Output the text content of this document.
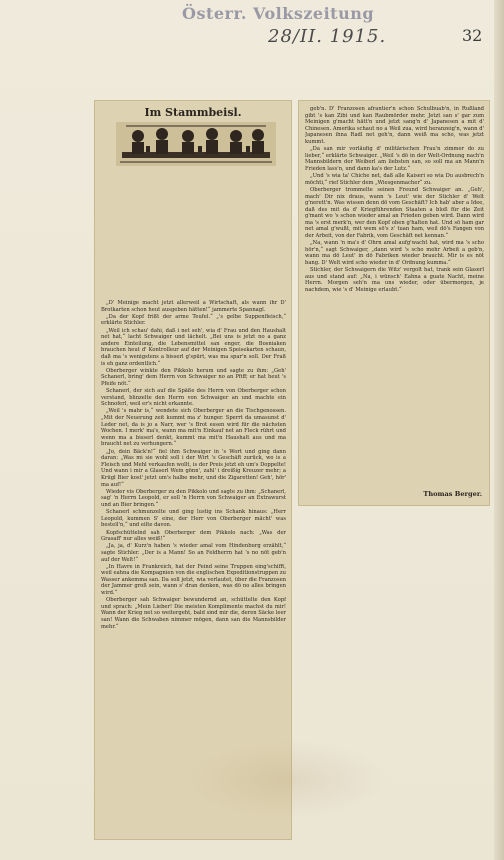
Österr. Volkszeitung
28/II. 1915.	32
Im Stammbeisl.

„D' Meinige macht jetzt allerweil a Wirtschaft, als wann ihr D' Brotkarten schon heut ausgeben hätten!“ jammerte Spannagl.

„Da der Kopf frißt der arme Teufel.“ „'s gelbe Suppenfleisch,“ erklärte Stichler.

„Weil ich schau' dahi, daß i net seh', wia d' Frau und den Haushalt net hat,“ lacht Schwaiger und lächelt. „Bei uns is jetzt no a ganz andere Einteilung, die Lebensmittel san enger, die Bosniaken brauchen heut d' Kontrolleur auf der Meinigen Speisekarten schaun, daß ma 's wenigstens a bisserl g'spürt, was ma spar'n soll. Der Fraß is eh ganz ordentlich.“

Oberberger winkte den Pikkolo herum und sagte zu ihm: „Geh' Schanerl, bring' dem Herrn von Schwaiger no an Pfiff; er hat heut 's Pfeife nöt.“

Schanerl, der sich auf die Späße des Herrn von Oberberger schon verstand, blinzelte den Herrn von Schwaiger an und machte ein Schnoferl, weil er's nicht erkannte.

„Weil 's mahr is,“ wendete sich Oberberger an die Tischgenossen. „Mit der Neuerung zeit kummt ma z' hunger. Sperrt da umasunst d' Leder net, da is jo a Narr, wer 's Brot essen wird für die nächsten Wochen. I merk' ma's, wann ma mit'n Einkauf net an Fleck rührt und wenn ma a bisserl denkt, kummt ma mit'n Haushalt aus und ma braucht net zu verhungern.“

„Jo, dein Bäck'n!“ fiel ihm Schwaiger in 's Wort und ging dann daran: „Was mi sie wohl soll i der Wirt 's Geschäft zurück, wo is a Fleisch und Mehl verkaufen wollt, is der Preis jetzt eh um's Doppelte! Und wann i mir a Glaserl Wein gönn', zahl' i dreißig Kreuzer mehr; a Krügl Bier kost' jetzt um's halbe mehr, und die Zigaretten! Geh', hör' ma auf!“

Wieder vis Oberberger zu den Pikkolo und sagte zu ihm: „Schanerl, sag' 'n Herrn Leopold, er soll 'n Herrn von Schwaiger an Extrawurst und an Bier bringen.“

Schanerl schmunzelte und ging lustig ins Schank hinaus: „Herr Leopold, kummen S' eine, der Herr von Oberberger mächt' was bestell'n,“ und eilte davon.

Kopfschüttelnd sah Oberberger dem Pikkolo nach: „Was der Grasaff' nur alles weiß!“

„Ja, ja, d' Kurz'n haben 's wieder amal vom Hindenburg erzählt,“ sagte Stichler. „Der is a Mann! So an Feldherrn hat 's no nöt geb'n auf der Welt!“

„In Havre in Frankreich, hat der Feind seine Truppen eing'schifft, weil eahna die Kompagnien von die englischen Expeditionstruppen zu Wasser ankemma san. Da soll jetzt, wia verlautet, über die Franzosen der Jammer groß sein, wann s' dran denken, was dö no alles bringen wird.“

Oberberger sah Schwaiger bewundernd an, schüttelte den Kopf und sprach: „Mein Lieber! Die meisten Komplimente machst du mir! Wann der Krieg net so weitergeht, bald sind mir die, deren Säcke leer san! Wann die Schwaben nimmer mögen, dann san die Mannsbilder mehr.“

geb'n. D' Franzosen afrantier'n schon Schulbuab'n, in Rußland gibt 's kan Zibi und kan Raubmörder mehr. Jetzt san s' gar zum Meinigen g'macht hätt'n und jetzt sang'n d' Japanesen a mit d' Chinesen. Amerika schaut no a Weil zua, wird heranzeig'n, wann d' Japanesen ihna Radl net geh'n, dann weiß ma scho, was jetzt kummt.

„Da san mir vorläufig d' militärischen Frau'n zimmer do zu lieber,“ erklärte Schwaiger. „Weil 's dö in der Welt-Ordnung nach'n Mannsbildern der Weiberl am liebsten san, so soll ma an Mann'n Frieden lass'n, und dann ka's der Lutz.“

„Und 's wia ta' Chiche net, daß alle Kaiseri so wia Du ausbrech'n möchti,“ rief Stichler dem „Wiesgenmacher“ zu.

Oberberger trommelte seinen Freund Schwaiger an. „Geh', mach' Dir nix draus, wann 's Leut' wie der Stichler d' Welt g'nerett'n. Was wissen denn dö vom Geschäft? Ich hab' aber a Idee, daß des mit da d' Kriegführenden Staaten a bloß für die Zeit g'mant wo 's schon wieder amal an Frieden geben wird. Dann wird ma 's erst merk'n, wer den Kopf oben g'halten hat. Und sö ham gar net amal g'wußt, mit wem sö's z' tuan ham, weil dö's Fangen von der Arbeit, von der Fabrik, vom Geschäft net kennan.“

„Na, wann 'n ma's d' Ohrn amal aufg'wacht hat, wird ma 's scho hör'n,“ sagt Schwaiger, „dann wird 's scho mehr Arbeit a geb'n, wann ma dö Leut' in dö Fabriken wieder braucht. Mir is es nöt bang. D' Welt wird scho wieder in d' Ordnung kumma.“

Stichler, der Schwaigern die Witz' vergolt hat, trank sein Glaserl aus und stand auf: „Na, i wünsch' Eahna a guate Nacht, meine Herrn. Morgen seh'n ma uns wieder, oder übermorgen, je nachdem, wie 's d' Meinige erlaubt.“

Thomas Berger.
